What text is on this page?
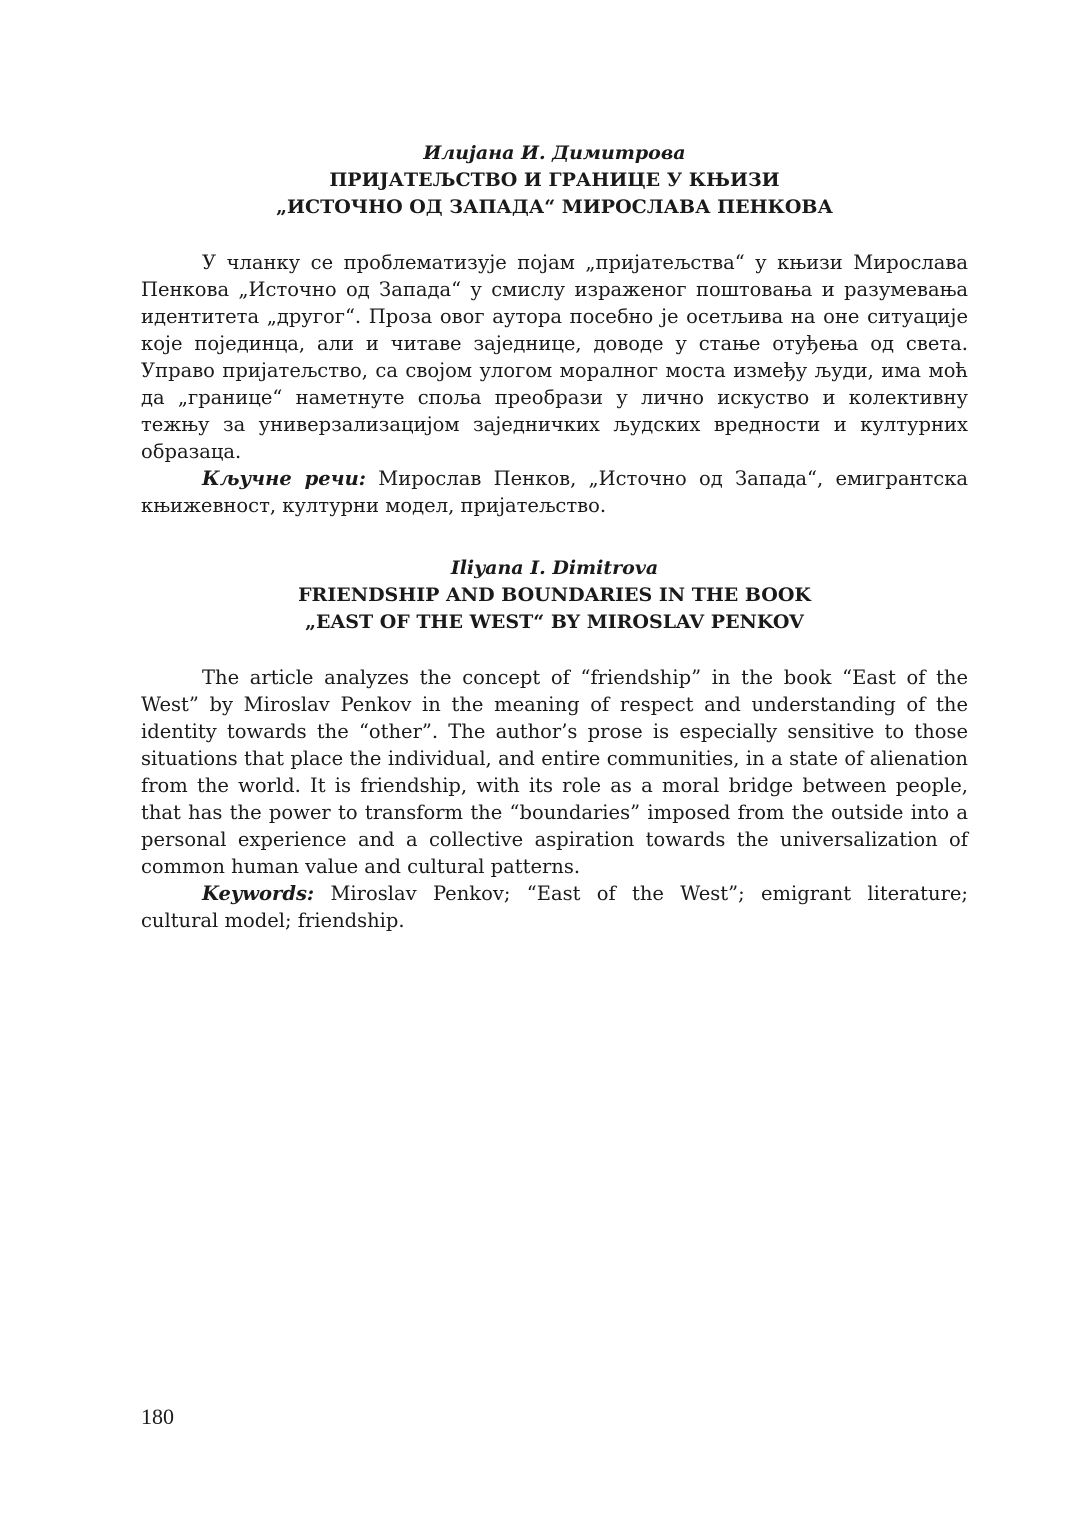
Илијана И. Димитрова

ПРИЈАТЕЉСТВО И ГРАНИЦЕ У КЊИЗИ

„ИСТОЧНО ОД ЗАПАДА“ МИРОСЛАВА ПЕНКОВА

У чланку се проблематизује појам „пријатељства“ у књизи Мирослава Пенкова „Источно од Запада“ у смислу израженог поштовања и разумевања идентитета „другог“. Проза овог аутора посебно је осетљива на оне ситуације које појединца, али и читаве заједнице, доводе у стање отуђења од света. Управо пријатељство, са својом улогом моралног моста између људи, има моћ да „границе“ наметнуте споља преобрази у лично искуство и колективну тежњу за универзализацијом заједничких људских вредности и културних образаца.

Кључне речи: Мирослав Пенков, „Источно од Запада“, емигрантска књижевност, културни модел, пријатељство.

Iliyana I. Dimitrova

FRIENDSHIP AND BOUNDARIES IN THE BOOK

„EAST OF THE WEST“ BY MIROSLAV PENKOV

The article analyzes the concept of “friendship” in the book “East of the West” by Miroslav Penkov in the meaning of respect and understanding of the identity towards the “other”. The author’s prose is especially sensitive to those situations that place the individual, and entire communities, in a state of alienation from the world. It is friendship, with its role as a moral bridge between people, that has the power to transform the “boundaries” imposed from the outside into a personal experience and a collective aspiration towards the universalization of common human value and cultural patterns.

Keywords: Miroslav Penkov; “East of the West”; emigrant literature; cultural model; friendship.

180
